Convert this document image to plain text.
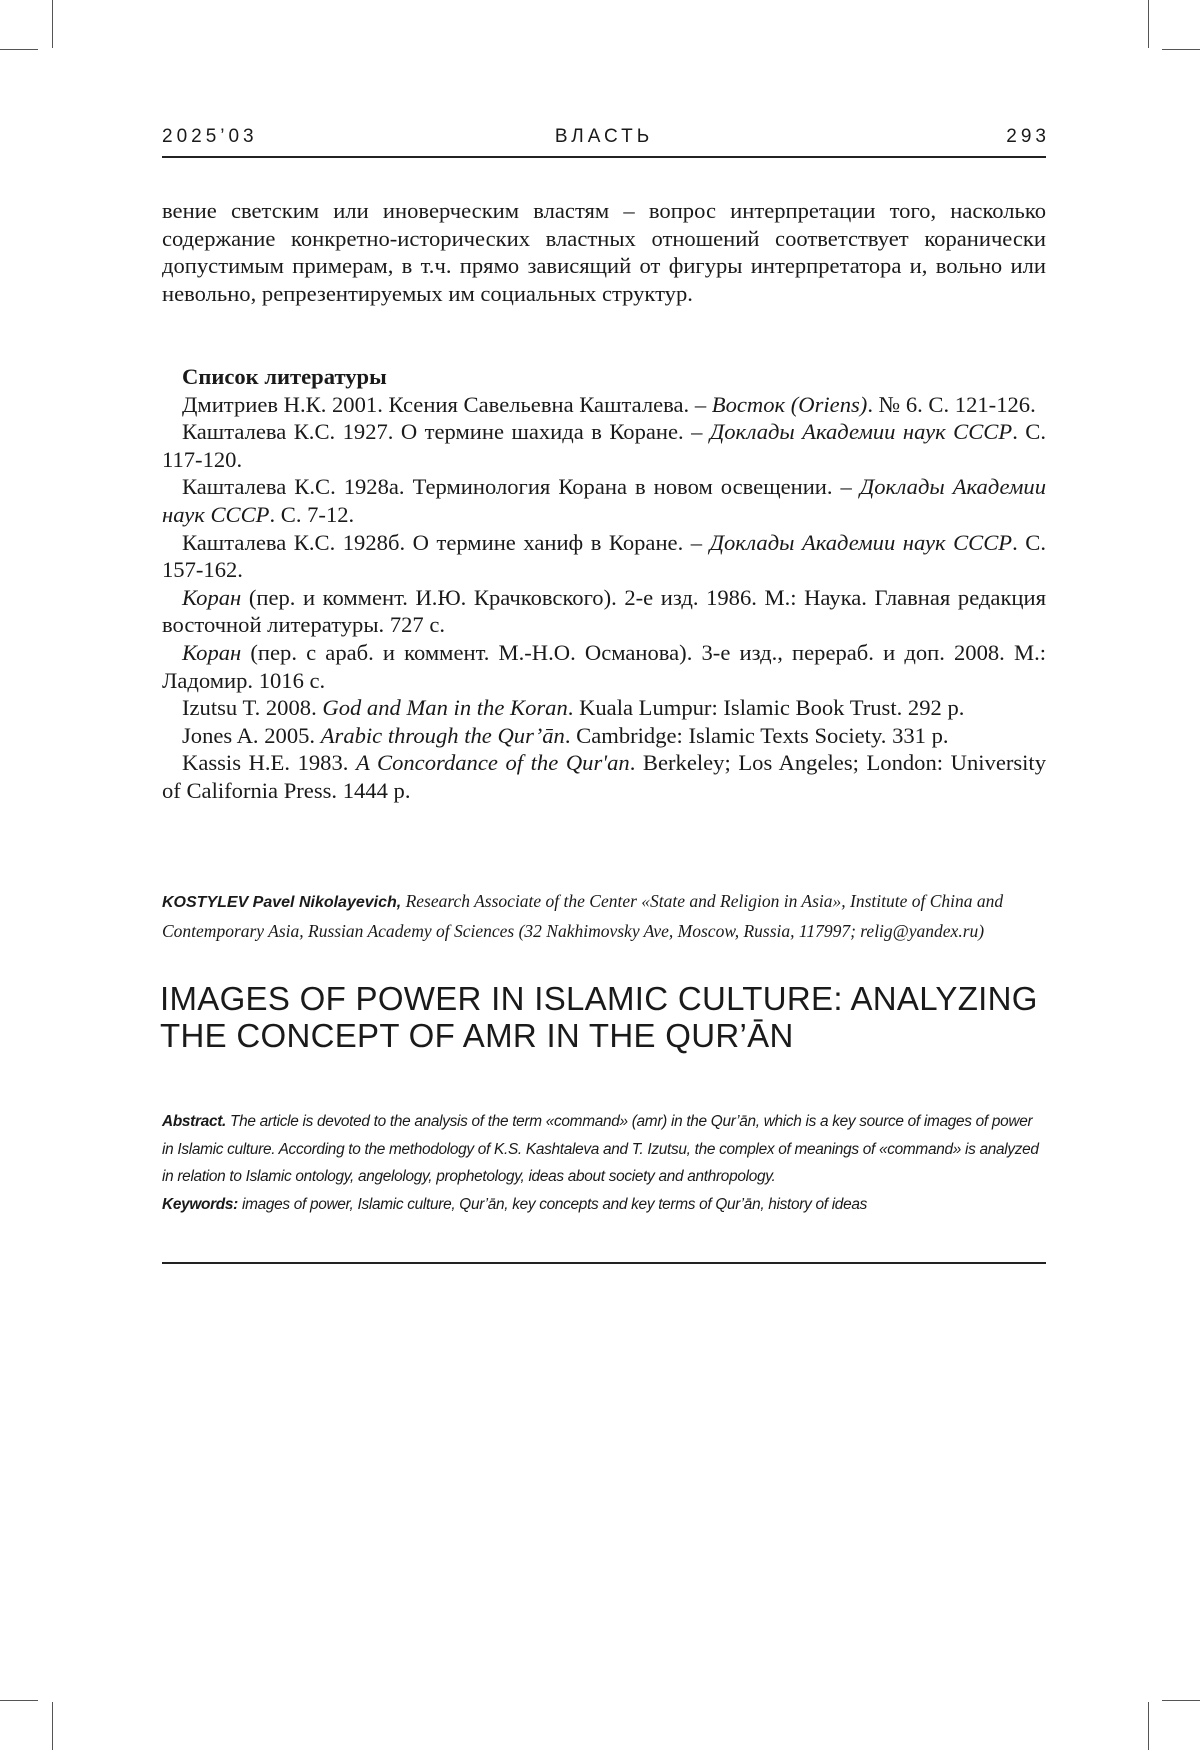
2025’03	ВЛАСТЬ	293

вение светским или иноверческим властям – вопрос интерпретации того, насколько содержание конкретно-исторических властных отношений соответствует коранически допустимым примерам, в т.ч. прямо зависящий от фигуры интерпретатора и, вольно или невольно, репрезентируемых им социальных структур.

Список литературы

Дмитриев Н.К. 2001. Ксения Савельевна Кашталева. – Восток (Oriens). № 6. С. 121-126.

Кашталева К.С. 1927. О термине шахида в Коране. – Доклады Академии наук СССР. С. 117-120.

Кашталева К.С. 1928а. Терминология Корана в новом освещении. – Доклады Академии наук СССР. С. 7-12.

Кашталева К.С. 1928б. О термине ханиф в Коране. – Доклады Академии наук СССР. С. 157-162.

Коран (пер. и коммент. И.Ю. Крачковского). 2-е изд. 1986. М.: Наука. Главная редакция восточной литературы. 727 с.

Коран (пер. с араб. и коммент. М.-Н.О. Османова). 3-е изд., перераб. и доп. 2008. М.: Ладомир. 1016 с.

Izutsu T. 2008. God and Man in the Koran. Kuala Lumpur: Islamic Book Trust. 292 p.

Jones A. 2005. Arabic through the Qur’ān. Cambridge: Islamic Texts Society. 331 p.

Kassis H.E. 1983. A Concordance of the Qur'an. Berkeley; Los Angeles; London: University of California Press. 1444 p.

KOSTYLEV Pavel Nikolayevich, Research Associate of the Center «State and Religion in Asia», Institute of China and Contemporary Asia, Russian Academy of Sciences (32 Nakhimovsky Ave, Moscow, Russia, 117997; relig@yandex.ru)

IMAGES OF POWER IN ISLAMIC CULTURE: ANALYZING
THE CONCEPT OF AMR IN THE QUR’ĀN

Abstract. The article is devoted to the analysis of the term «command» (amr) in the Qur’ān, which is a key source of images of power in Islamic culture. According to the methodology of K.S. Kashtaleva and T. Izutsu, the complex of meanings of «command» is analyzed in relation to Islamic ontology, angelology, prophetology, ideas about society and anthropology.

Keywords: images of power, Islamic culture, Qur’ān, key concepts and key terms of Qur’ān, history of ideas
